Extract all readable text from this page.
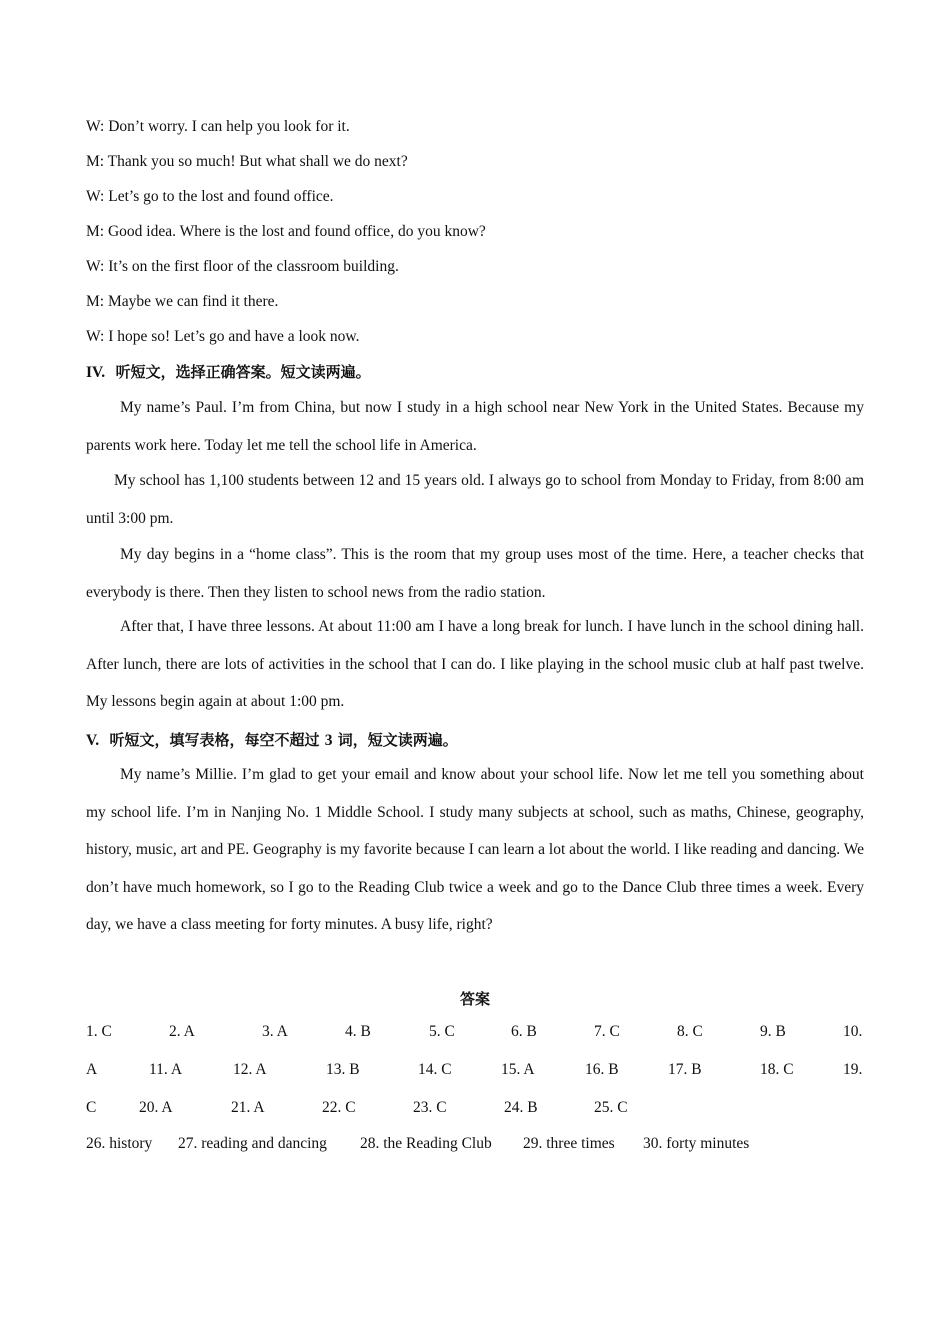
W: Don’t worry. I can help you look for it.
M: Thank you so much! But what shall we do next?
W: Let’s go to the lost and found office.
M: Good idea. Where is the lost and found office, do you know?
W: It’s on the first floor of the classroom building.
M: Maybe we can find it there.
W: I hope so! Let’s go and have a look now.
IV. 听短文，选择正确答案。短文读两遍。
My name’s Paul. I’m from China, but now I study in a high school near New York in the United States. Because my parents work here. Today let me tell the school life in America.
My school has 1,100 students between 12 and 15 years old. I always go to school from Monday to Friday, from 8:00 am until 3:00 pm.
My day begins in a “home class”. This is the room that my group uses most of the time. Here, a teacher checks that everybody is there. Then they listen to school news from the radio station.
After that, I have three lessons. At about 11:00 am I have a long break for lunch. I have lunch in the school dining hall. After lunch, there are lots of activities in the school that I can do. I like playing in the school music club at half past twelve. My lessons begin again at about 1:00 pm.
V. 听短文，填写表格，每空不超过 3 词，短文读两遍。
My name’s Millie. I’m glad to get your email and know about your school life. Now let me tell you something about my school life. I’m in Nanjing No. 1 Middle School. I study many subjects at school, such as maths, Chinese, geography, history, music, art and PE. Geography is my favorite because I can learn a lot about the world. I like reading and dancing. We don’t have much homework, so I go to the Reading Club twice a week and go to the Dance Club three times a week. Every day, we have a class meeting for forty minutes. A busy life, right?
答案
1. C	2. A	3. A	4. B	5. C	6. B	7. C	8. C	9. B	10.
A	11. A	12. A	13. B	14. C	15. A	16. B	17. B	18. C	19.
C	20. A	21. A	22. C	23. C	24. B	25. C
26. history 27. reading and dancing 28. the Reading Club 29. three times 30. forty minutes
